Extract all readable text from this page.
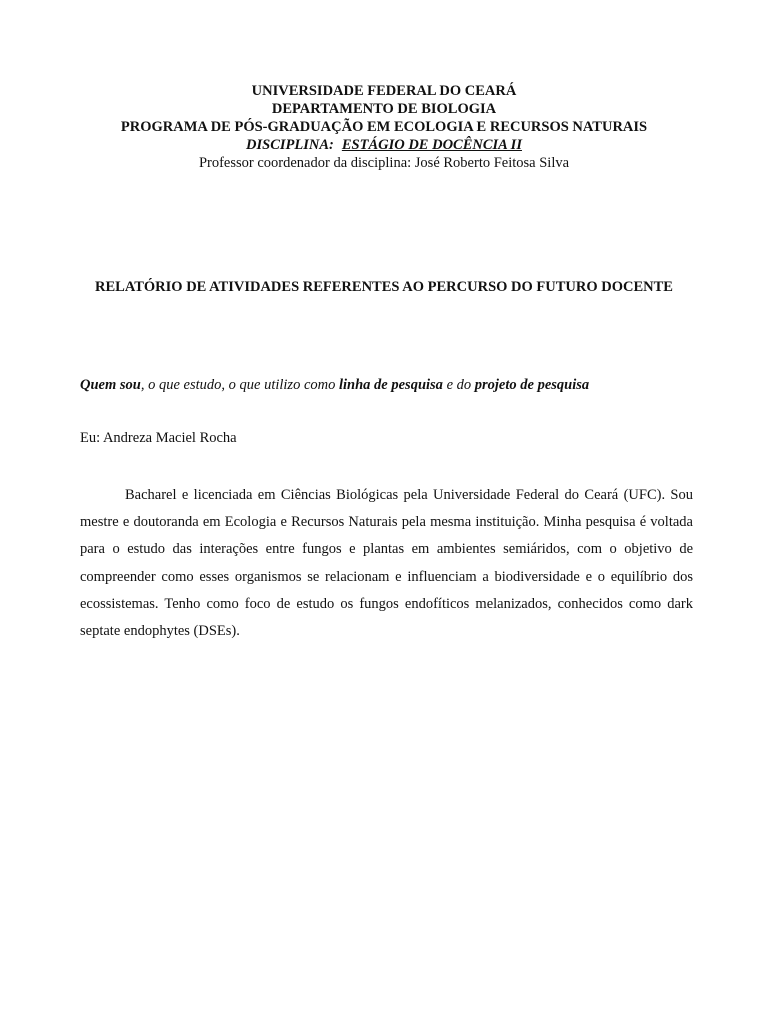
UNIVERSIDADE FEDERAL DO CEARÁ
DEPARTAMENTO DE BIOLOGIA
PROGRAMA DE PÓS-GRADUAÇÃO EM ECOLOGIA E RECURSOS NATURAIS
DISCIPLINA: ESTÁGIO DE DOCÊNCIA II
Professor coordenador da disciplina: José Roberto Feitosa Silva
RELATÓRIO DE ATIVIDADES REFERENTES AO PERCURSO DO FUTURO DOCENTE
Quem sou, o que estudo, o que utilizo como linha de pesquisa e do projeto de pesquisa
Eu: Andreza Maciel Rocha
Bacharel e licenciada em Ciências Biológicas pela Universidade Federal do Ceará (UFC). Sou mestre e doutoranda em Ecologia e Recursos Naturais pela mesma instituição. Minha pesquisa é voltada para o estudo das interações entre fungos e plantas em ambientes semiáridos, com o objetivo de compreender como esses organismos se relacionam e influenciam a biodiversidade e o equilíbrio dos ecossistemas. Tenho como foco de estudo os fungos endofíticos melanizados, conhecidos como dark septate endophytes (DSEs).
